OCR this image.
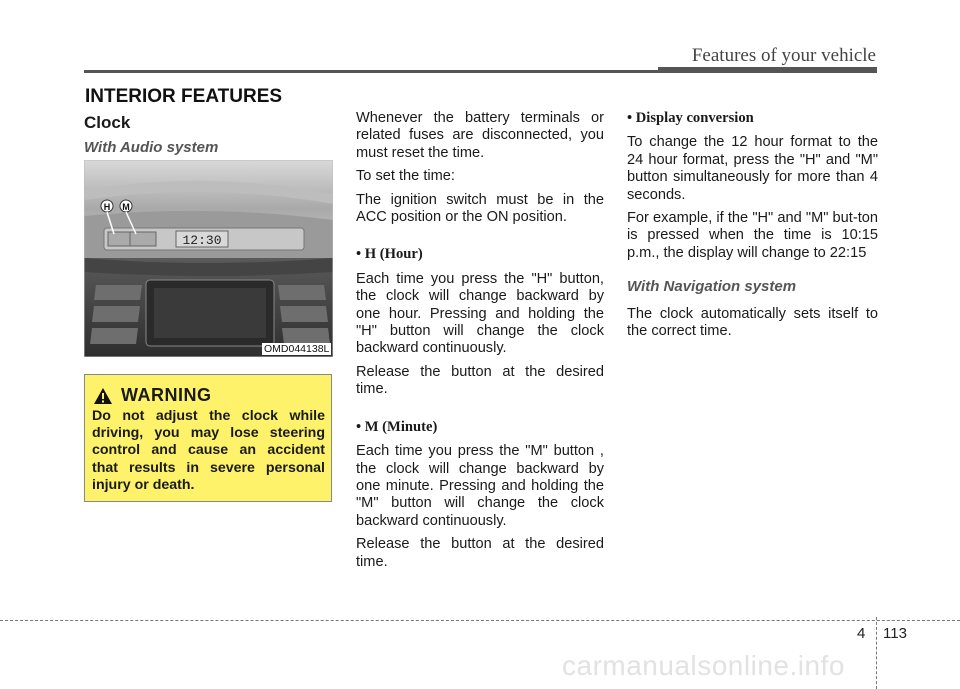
Features of your vehicle
INTERIOR FEATURES
Clock
With Audio system
12:30
H M
OMD044138L
WARNING
Do not adjust the clock while driving, you may lose steering control and cause an accident that results in severe personal injury or death.

Whenever the battery terminals or related fuses are disconnected, you must reset the time.

To set the time:

The ignition switch must be in the ACC position or the ON position.

• H (Hour)

Each time you press the "H" button, the clock will change backward by one hour. Pressing and holding the "H" button will change the clock backward continuously.

Release the button at the desired time.

• M (Minute)

Each time you press the "M" button , the clock will change backward by one minute. Pressing and holding the "M" button will change the clock backward continuously.

Release the button at the desired time.

• Display conversion

To change the 12 hour format to the 24 hour format, press the "H" and "M" button simultaneously for more than 4 seconds.

For example, if the "H" and "M" but-ton is pressed when the time is 10:15 p.m., the display will change to 22:15

With Navigation system

The clock automatically sets itself to the correct time.

4 113
carmanualsonline.info
